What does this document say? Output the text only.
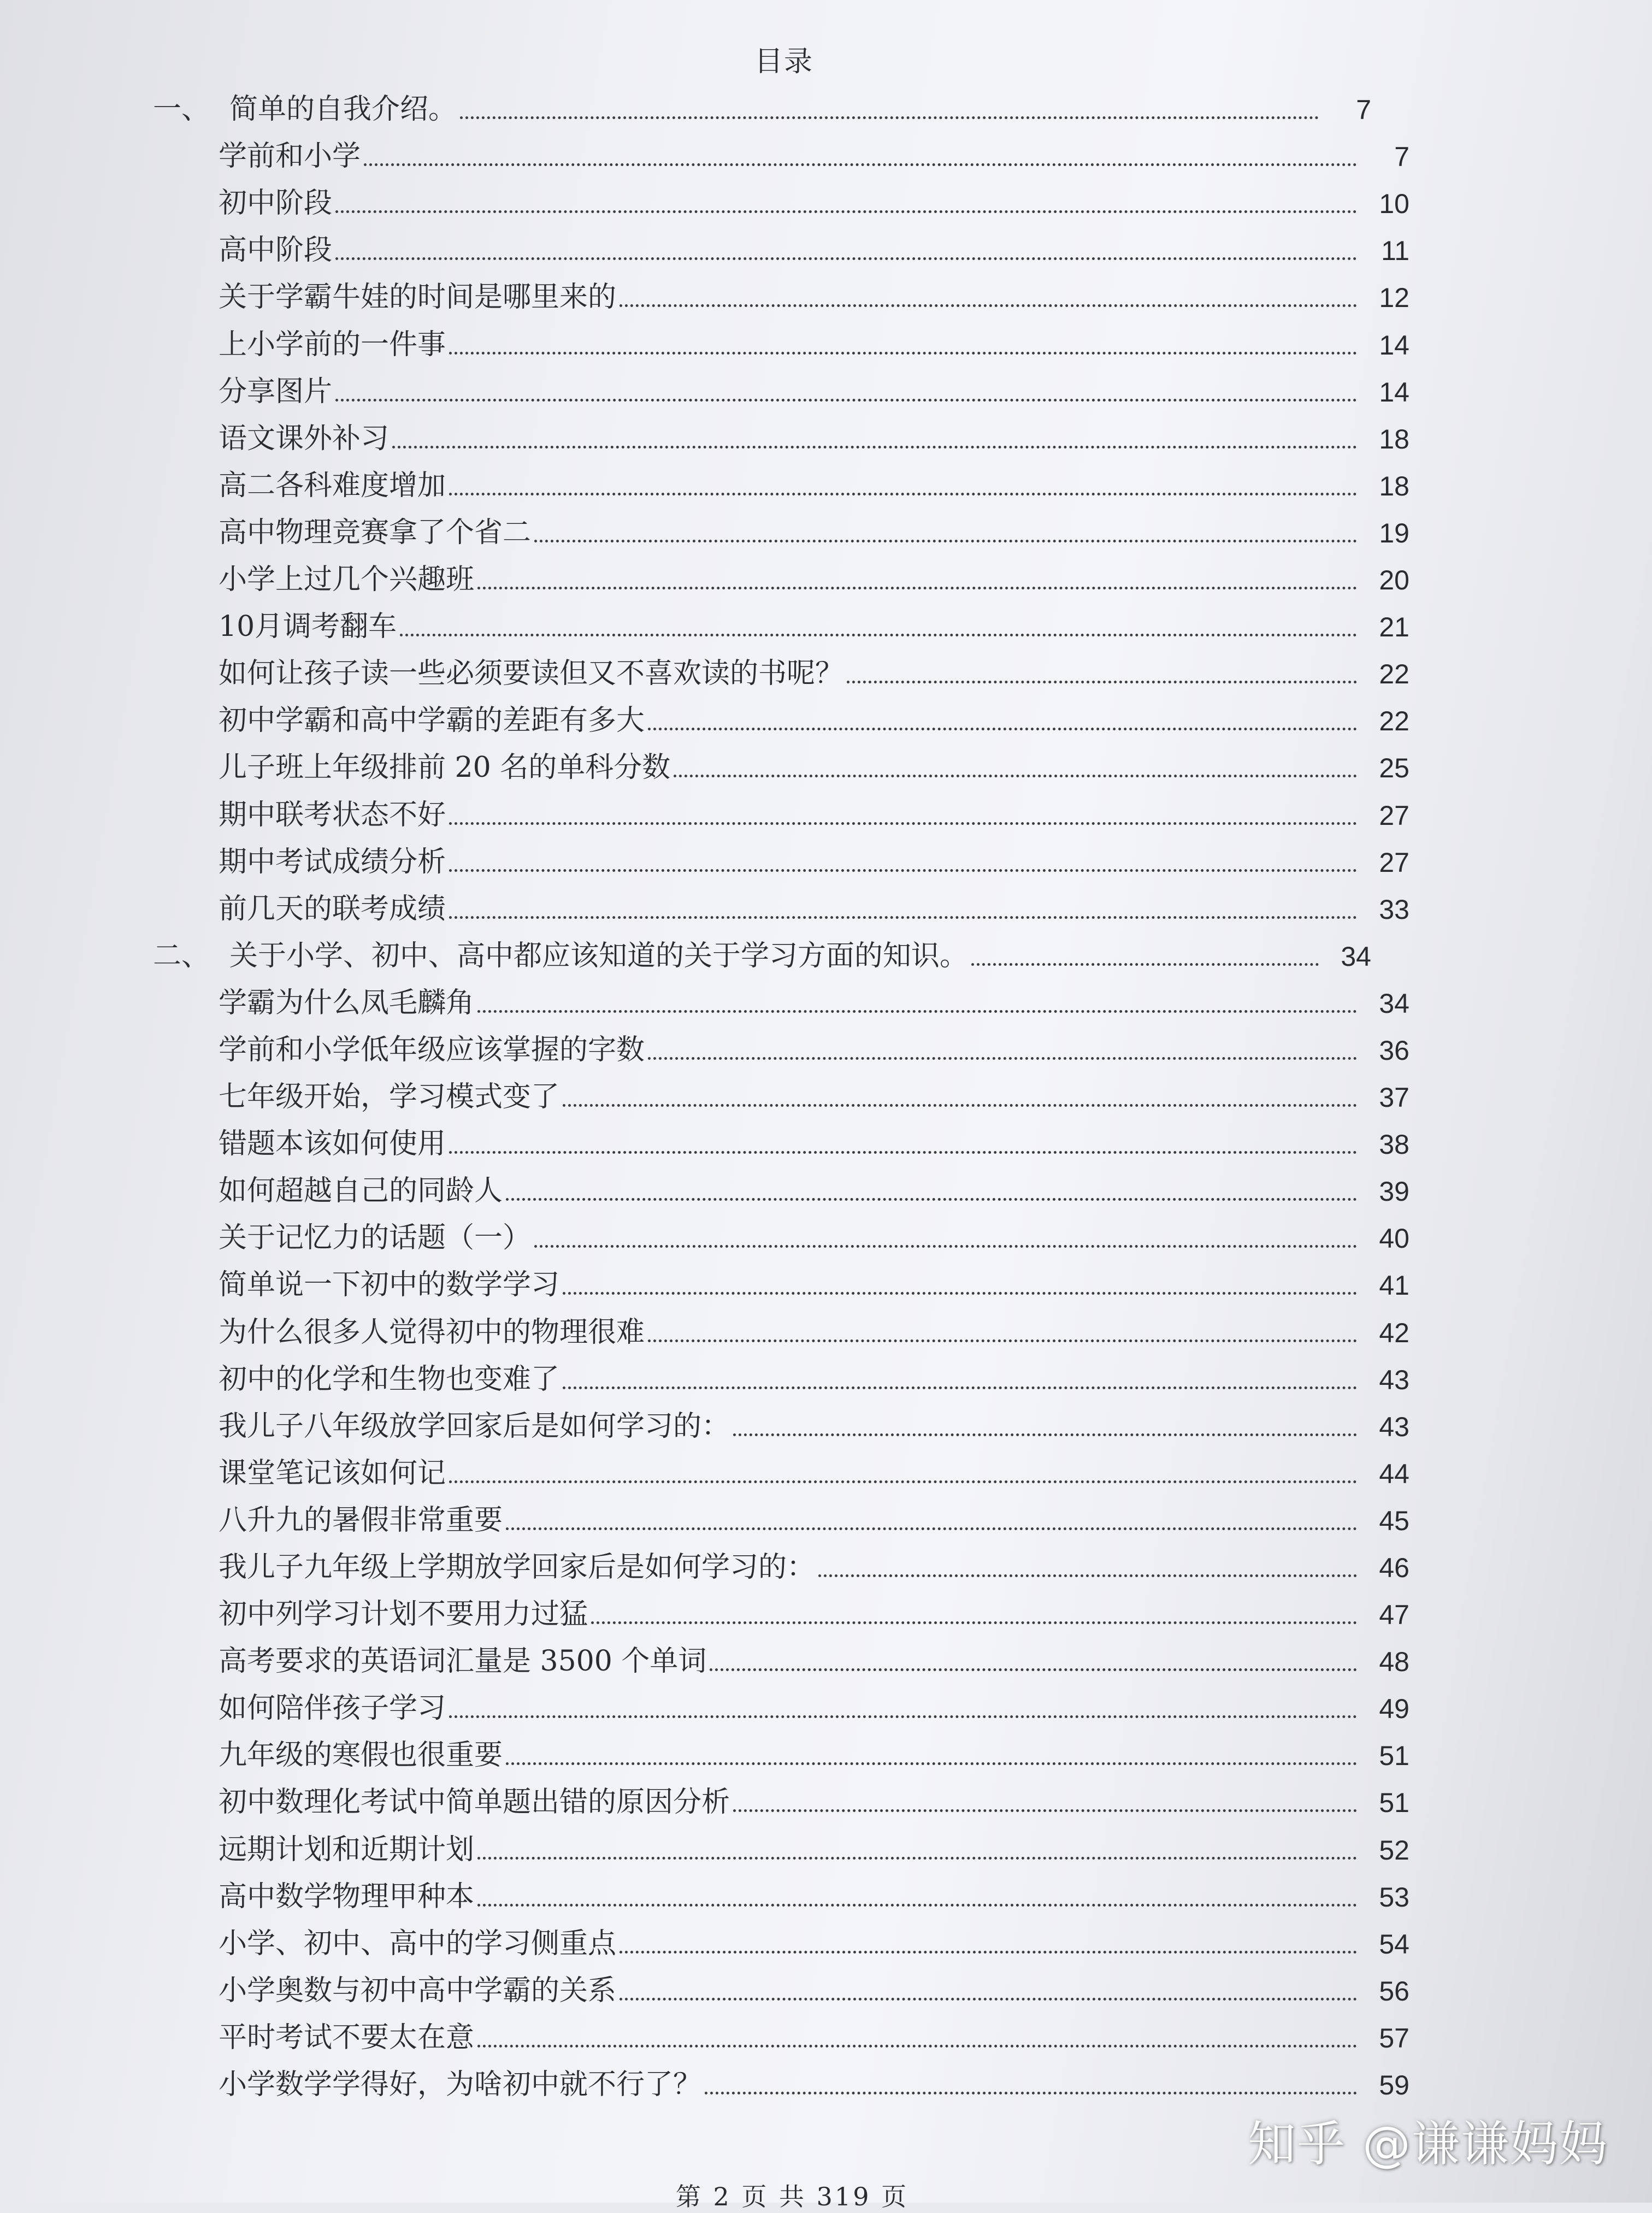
目录
一、 简单的自我介绍。	7
学前和小学	7
初中阶段	10
高中阶段	11
关于学霸牛娃的时间是哪里来的	12
上小学前的一件事	14
分享图片	14
语文课外补习	18
高二各科难度增加	18
高中物理竞赛拿了个省二	19
小学上过几个兴趣班	20
10月调考翻车	21
如何让孩子读一些必须要读但又不喜欢读的书呢？	22
初中学霸和高中学霸的差距有多大	22
儿子班上年级排前 20 名的单科分数	25
期中联考状态不好	27
期中考试成绩分析	27
前几天的联考成绩	33
二、 关于小学、初中、高中都应该知道的关于学习方面的知识。	34
学霸为什么凤毛麟角	34
学前和小学低年级应该掌握的字数	36
七年级开始，学习模式变了	37
错题本该如何使用	38
如何超越自己的同龄人	39
关于记忆力的话题（一）	40
简单说一下初中的数学学习	41
为什么很多人觉得初中的物理很难	42
初中的化学和生物也变难了	43
我儿子八年级放学回家后是如何学习的：	43
课堂笔记该如何记	44
八升九的暑假非常重要	45
我儿子九年级上学期放学回家后是如何学习的：	46
初中列学习计划不要用力过猛	47
高考要求的英语词汇量是 3500 个单词	48
如何陪伴孩子学习	49
九年级的寒假也很重要	51
初中数理化考试中简单题出错的原因分析	51
远期计划和近期计划	52
高中数学物理甲种本	53
小学、初中、高中的学习侧重点	54
小学奥数与初中高中学霸的关系	56
平时考试不要太在意	57
小学数学学得好，为啥初中就不行了？	59
第 2 页 共 319 页
知乎 @谦谦妈妈
